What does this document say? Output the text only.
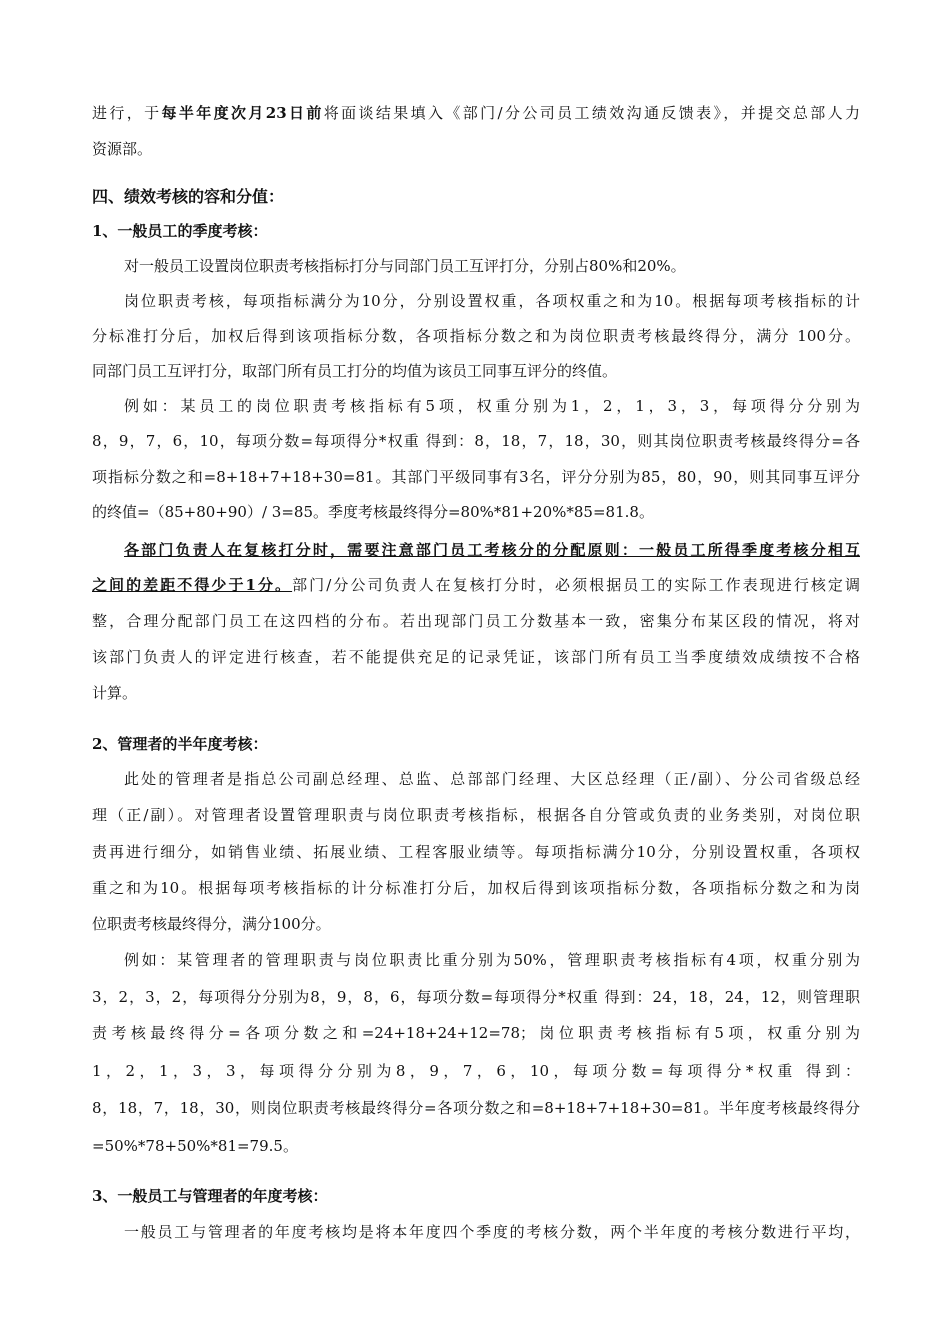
进行，于每半年度次月23日前将面谈结果填入《部门/分公司员工绩效沟通反馈表》，并提交总部人力
资源部。
四、绩效考核的容和分值：
1、一般员工的季度考核：
对一般员工设置岗位职责考核指标打分与同部门员工互评打分，分别占80%和20%。
岗位职责考核，每项指标满分为10分，分别设置权重，各项权重之和为10。根据每项考核指标的计
分标准打分后，加权后得到该项指标分数，各项指标分数之和为岗位职责考核最终得分，满分 100分。
同部门员工互评打分，取部门所有员工打分的均值为该员工同事互评分的终值。
例如：某员工的岗位职责考核指标有5项，权重分别为1，2，1，3，3，每项得分分别为
8，9，7，6，10，每项分数=每项得分*权重 得到：8，18，7，18，30，则其岗位职责考核最终得分=各
项指标分数之和=8+18+7+18+30=81。其部门平级同事有3名，评分分别为85，80，90，则其同事互评分
的终值=（85+80+90）/ 3=85。季度考核最终得分=80%*81+20%*85=81.8。
各部门负责人在复核打分时，需要注意部门员工考核分的分配原则：一般员工所得季度考核分相互
之间的差距不得少于1分。部门/分公司负责人在复核打分时，必须根据员工的实际工作表现进行核定调
整，合理分配部门员工在这四档的分布。若出现部门员工分数基本一致，密集分布某区段的情况，将对
该部门负责人的评定进行核查，若不能提供充足的记录凭证，该部门所有员工当季度绩效成绩按不合格
计算。
2、管理者的半年度考核：
此处的管理者是指总公司副总经理、总监、总部部门经理、大区总经理（正/副）、分公司省级总经
理（正/副）。对管理者设置管理职责与岗位职责考核指标，根据各自分管或负责的业务类别，对岗位职
责再进行细分，如销售业绩、拓展业绩、工程客服业绩等。每项指标满分10分，分别设置权重，各项权
重之和为10。根据每项考核指标的计分标准打分后，加权后得到该项指标分数，各项指标分数之和为岗
位职责考核最终得分，满分100分。
例如：某管理者的管理职责与岗位职责比重分别为50%，管理职责考核指标有4项，权重分别为
3，2，3，2，每项得分分别为8，9，8，6，每项分数=每项得分*权重 得到：24，18，24，12，则管理职
责考核最终得分=各项分数之和=24+18+24+12=78；岗位职责考核指标有5项，权重分别为
1，2，1，3，3，每项得分分别为8，9，7，6，10，每项分数=每项得分*权重 得到：
8，18，7，18，30，则岗位职责考核最终得分=各项分数之和=8+18+7+18+30=81。半年度考核最终得分
=50%*78+50%*81=79.5。
3、一般员工与管理者的年度考核：
一般员工与管理者的年度考核均是将本年度四个季度的考核分数，两个半年度的考核分数进行平均，
